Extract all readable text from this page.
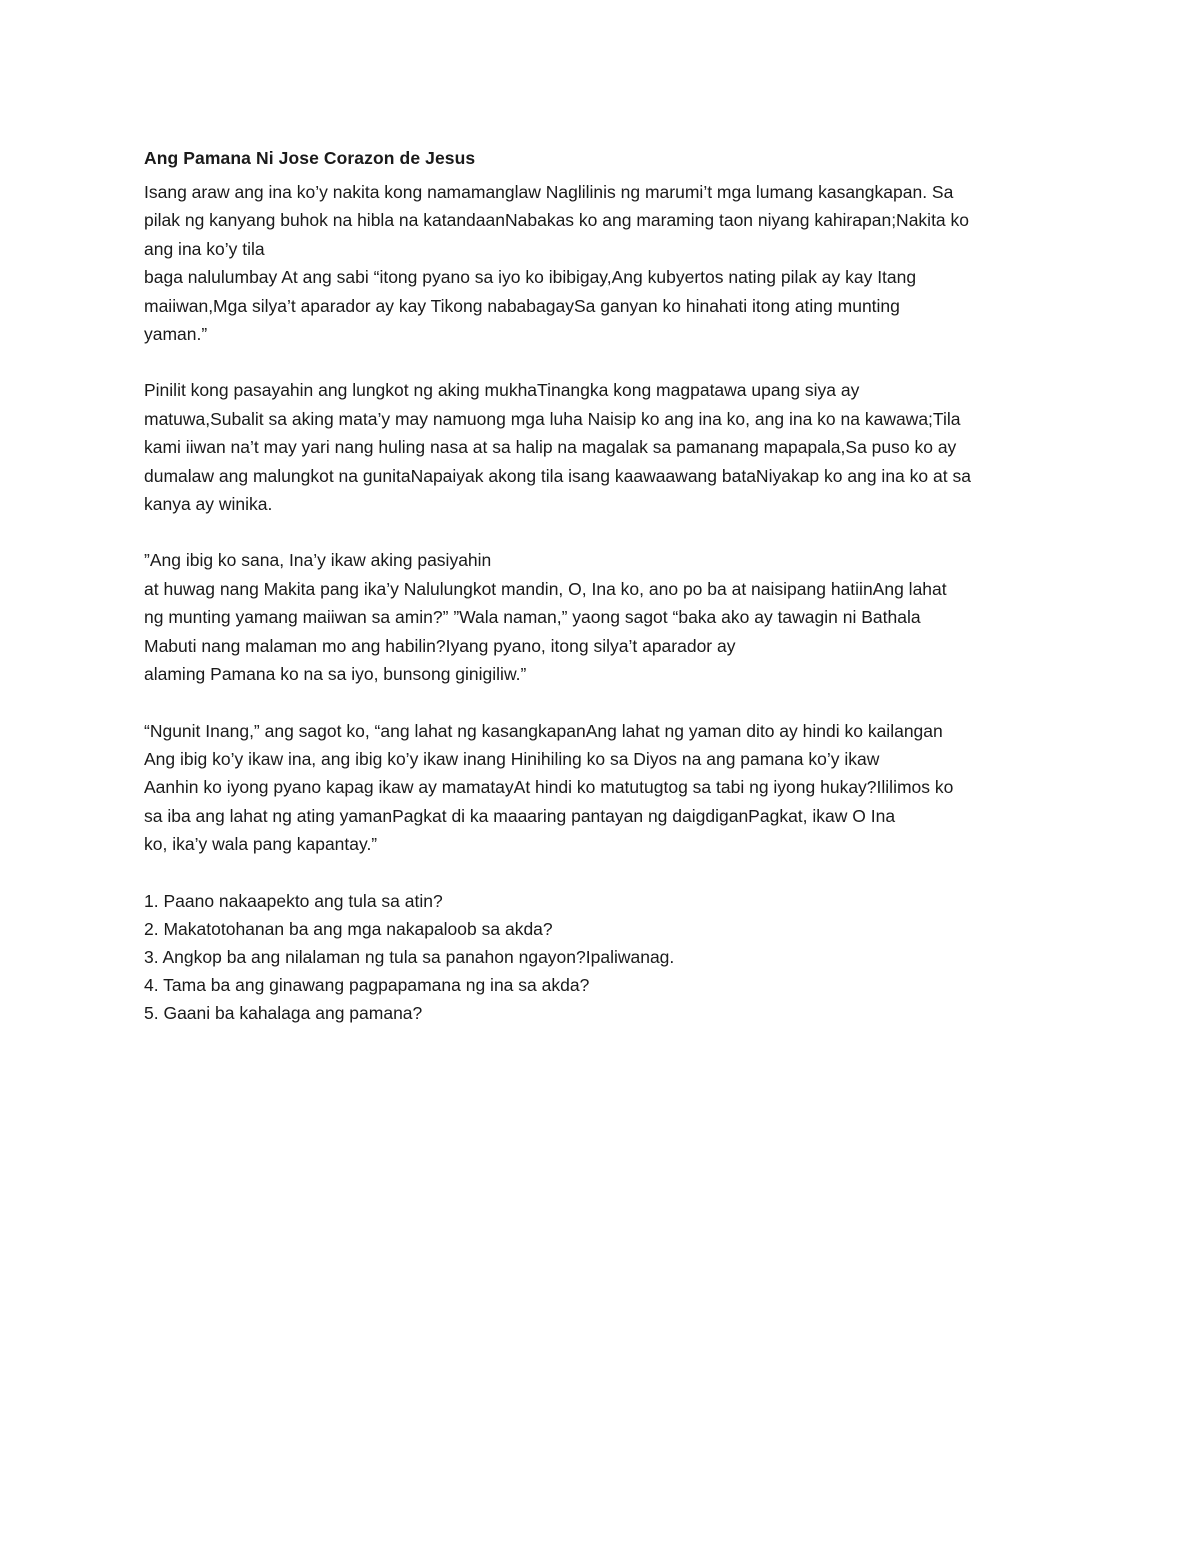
Ang Pamana Ni Jose Corazon de Jesus
Isang araw ang ina ko’y nakita kong namamanglaw Naglilinis ng marumi’t mga lumang kasangkapan. Sa
pilak ng kanyang buhok na hibla na katandaanNabakas ko ang maraming taon niyang kahirapan;Nakita ko
ang ina ko’y tila
baga nalulumbay At ang sabi “itong pyano sa iyo ko ibibigay,Ang kubyertos nating pilak ay kay Itang
maiiwan,Mga silya’t aparador ay kay Tikong nababagaySa ganyan ko hinahati itong ating munting
yaman.”
Pinilit kong pasayahin ang lungkot ng aking mukhaTinangka kong magpatawa upang siya ay
matuwa,Subalit sa aking mata’y may namuong mga luha Naisip ko ang ina ko, ang ina ko na kawawa;Tila
kami iiwan na’t may yari nang huling nasa at sa halip na magalak sa pamanang mapapala,Sa puso ko ay
dumalaw ang malungkot na gunitaNapaiyak akong tila isang kaawaawang bataNiyakap ko ang ina ko at sa
kanya ay winika.
”Ang ibig ko sana, Ina’y ikaw aking pasiyahin
at huwag nang Makita pang ika’y Nalulungkot mandin, O, Ina ko, ano po ba at naisipang hatiinAng lahat
ng munting yamang maiiwan sa amin?” ”Wala naman,” yaong sagot “baka ako ay tawagin ni Bathala
Mabuti nang malaman mo ang habilin?Iyang pyano, itong silya’t aparador ay
alaming Pamana ko na sa iyo, bunsong ginigiliw.”
“Ngunit Inang,” ang sagot ko, “ang lahat ng kasangkapanAng lahat ng yaman dito ay hindi ko kailangan
Ang ibig ko’y ikaw ina, ang ibig ko’y ikaw inang Hinihiling ko sa Diyos na ang pamana ko’y ikaw
Aanhin ko iyong pyano kapag ikaw ay mamatayAt hindi ko matutugtog sa tabi ng iyong hukay?Ililimos ko
sa iba ang lahat ng ating yamanPagkat di ka maaaring pantayan ng daigdiganPagkat, ikaw O Ina
ko, ika’y wala pang kapantay.”
1. Paano nakaapekto ang tula sa atin?
2. Makatotohanan ba ang mga nakapaloob sa akda?
3. Angkop ba ang nilalaman ng tula sa panahon ngayon?Ipaliwanag.
4. Tama ba ang ginawang pagpapamana ng ina sa akda?
5. Gaani ba kahalaga ang pamana?
